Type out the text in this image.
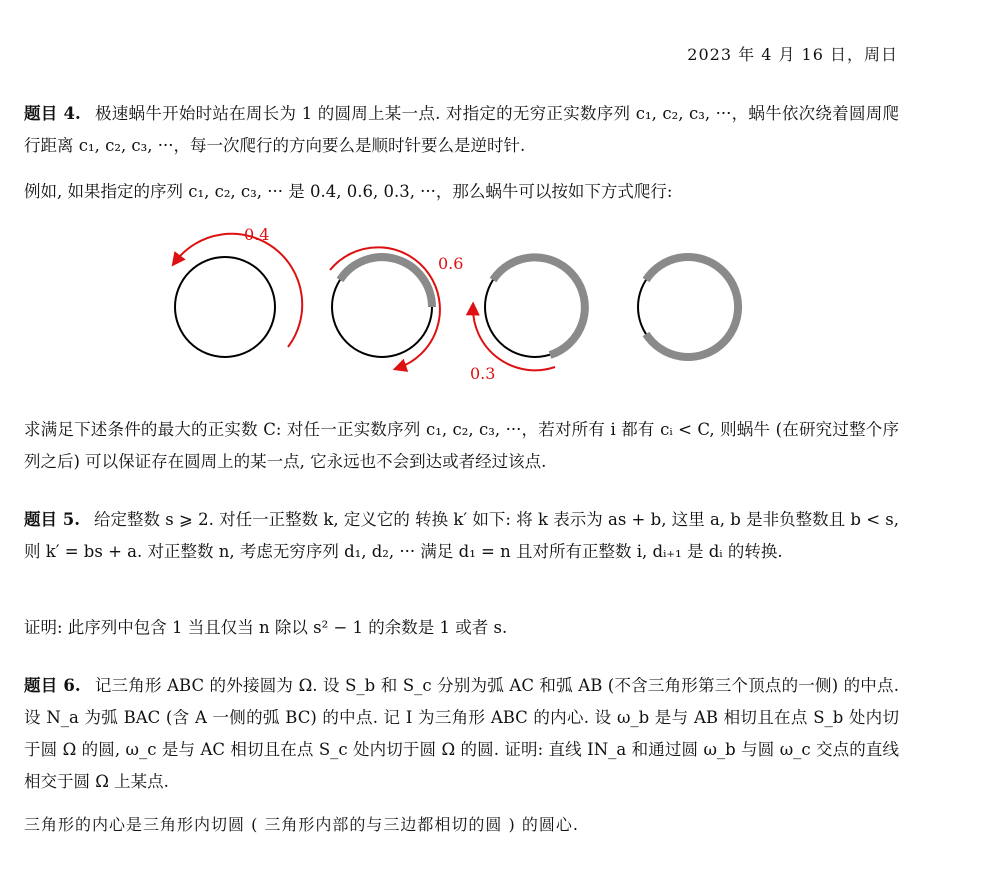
2023 年 4 月 16 日，周日
题目 4. 极速蜗牛开始时站在周长为 1 的圆周上某一点. 对指定的无穷正实数序列 c₁, c₂, c₃, ···，蜗牛依次绕着圆周爬行距离 c₁, c₂, c₃, ···，每一次爬行的方向要么是顺时针要么是逆时针.
例如, 如果指定的序列 c₁, c₂, c₃, ··· 是 0.4, 0.6, 0.3, ···，那么蜗牛可以按如下方式爬行:
0.4
0.6
0.3
求满足下述条件的最大的正实数 C: 对任一正实数序列 c₁, c₂, c₃, ···，若对所有 i 都有 cᵢ < C, 则蜗牛 (在研究过整个序列之后) 可以保证存在圆周上的某一点, 它永远也不会到达或者经过该点.
题目 5. 给定整数 s ⩾ 2. 对任一正整数 k, 定义它的 转换 k′ 如下: 将 k 表示为 as + b, 这里 a, b 是非负整数且 b < s, 则 k′ = bs + a. 对正整数 n, 考虑无穷序列 d₁, d₂, ··· 满足 d₁ = n 且对所有正整数 i, dᵢ₊₁ 是 dᵢ 的转换.
证明: 此序列中包含 1 当且仅当 n 除以 s² − 1 的余数是 1 或者 s.
题目 6. 记三角形 ABC 的外接圆为 Ω. 设 S_b 和 S_c 分别为弧 AC 和弧 AB (不含三角形第三个顶点的一侧) 的中点. 设 N_a 为弧 BAC (含 A 一侧的弧 BC) 的中点. 记 I 为三角形 ABC 的内心. 设 ω_b 是与 AB 相切且在点 S_b 处内切于圆 Ω 的圆, ω_c 是与 AC 相切且在点 S_c 处内切于圆 Ω 的圆. 证明: 直线 IN_a 和通过圆 ω_b 与圆 ω_c 交点的直线相交于圆 Ω 上某点.
三角形的内心是三角形内切圆 ( 三角形内部的与三边都相切的圆 ) 的圆心.
